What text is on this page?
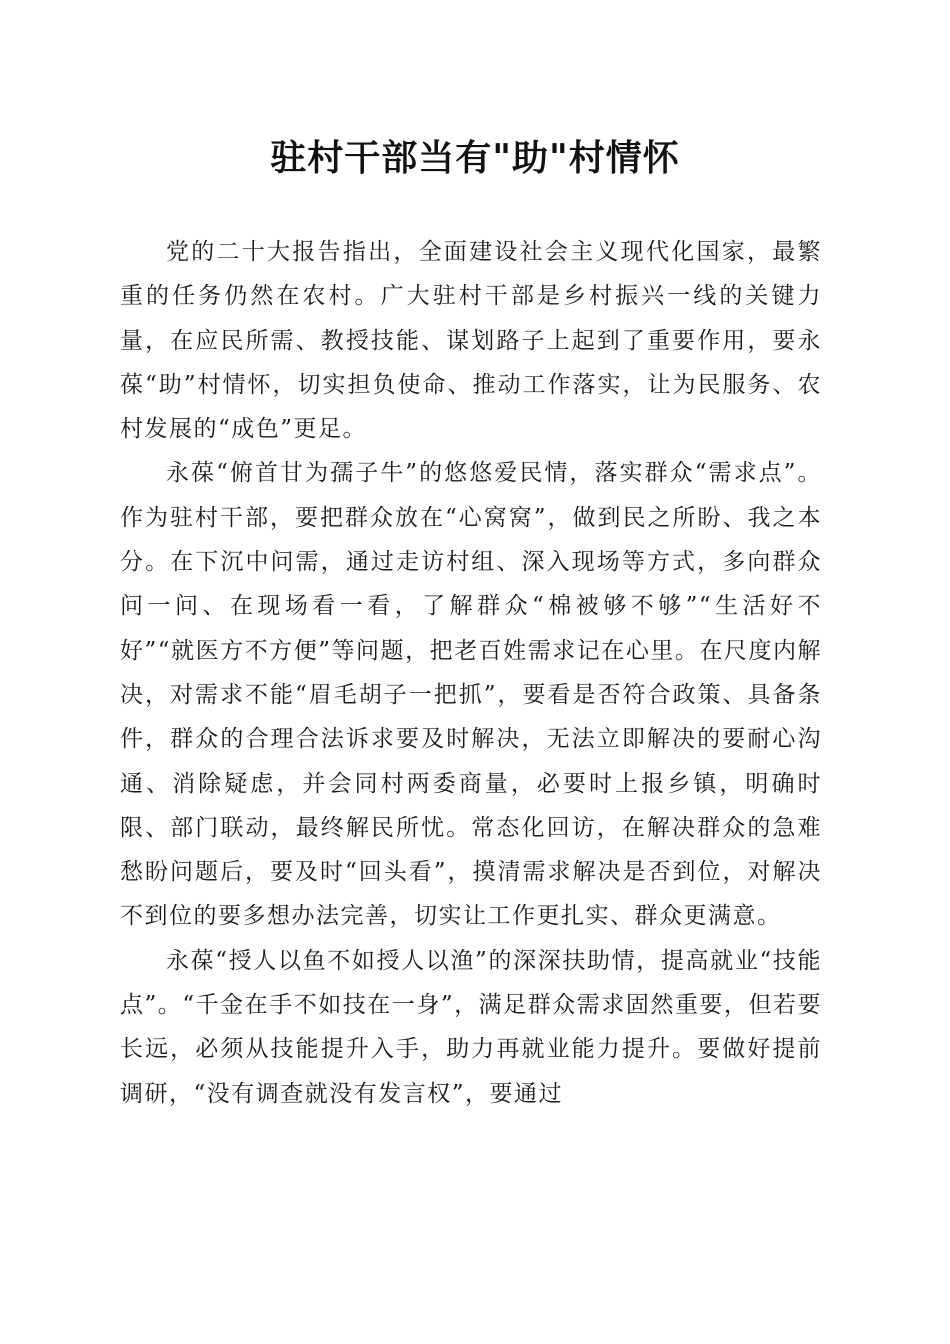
驻村干部当有"助"村情怀

党的二十大报告指出，全面建设社会主义现代化国家，最繁重的任务仍然在农村。广大驻村干部是乡村振兴一线的关键力量，在应民所需、教授技能、谋划路子上起到了重要作用，要永葆“助”村情怀，切实担负使命、推动工作落实，让为民服务、农村发展的“成色”更足。

永葆“俯首甘为孺子牛”的悠悠爱民情，落实群众“需求点”。作为驻村干部，要把群众放在“心窝窝”，做到民之所盼、我之本分。在下沉中问需，通过走访村组、深入现场等方式，多向群众问一问、在现场看一看，了解群众“棉被够不够”“生活好不好”“就医方不方便”等问题，把老百姓需求记在心里。在尺度内解决，对需求不能“眉毛胡子一把抓”，要看是否符合政策、具备条件，群众的合理合法诉求要及时解决，无法立即解决的要耐心沟通、消除疑虑，并会同村两委商量，必要时上报乡镇，明确时限、部门联动，最终解民所忧。常态化回访，在解决群众的急难愁盼问题后，要及时“回头看”，摸清需求解决是否到位，对解决不到位的要多想办法完善，切实让工作更扎实、群众更满意。

永葆“授人以鱼不如授人以渔”的深深扶助情，提高就业“技能点”。“千金在手不如技在一身”，满足群众需求固然重要，但若要长远，必须从技能提升入手，助力再就业能力提升。要做好提前调研，“没有调查就没有发言权”，要通过
